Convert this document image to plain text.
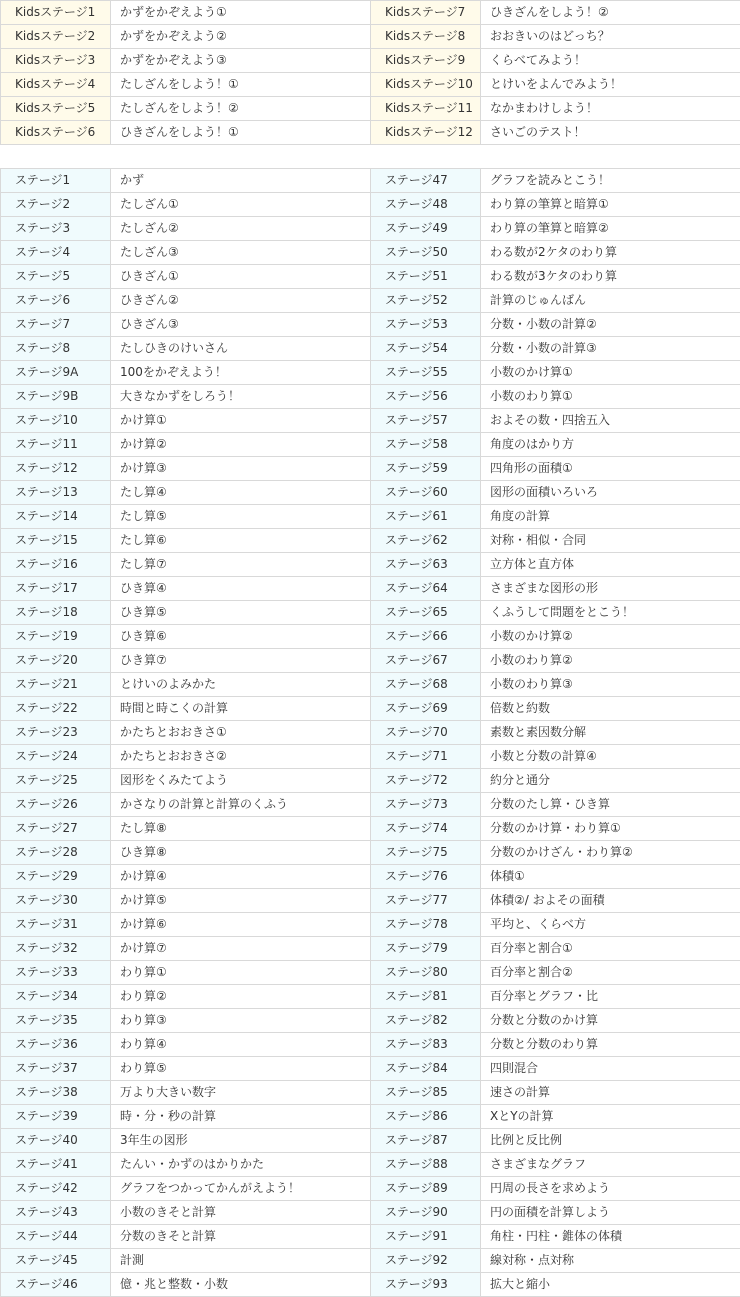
Kidsステージ1	かずをかぞえよう①	Kidsステージ7	ひきざんをしよう！②
Kidsステージ2	かずをかぞえよう②	Kidsステージ8	おおきいのはどっち？
Kidsステージ3	かずをかぞえよう③	Kidsステージ9	くらべてみよう！
Kidsステージ4	たしざんをしよう！①	Kidsステージ10	とけいをよんでみよう！
Kidsステージ5	たしざんをしよう！②	Kidsステージ11	なかまわけしよう！
Kidsステージ6	ひきざんをしよう！①	Kidsステージ12	さいごのテスト！
ステージ1	かず	ステージ47	グラフを読みとこう！
ステージ2	たしざん①	ステージ48	わり算の筆算と暗算①
ステージ3	たしざん②	ステージ49	わり算の筆算と暗算②
ステージ4	たしざん③	ステージ50	わる数が2ケタのわり算
ステージ5	ひきざん①	ステージ51	わる数が3ケタのわり算
ステージ6	ひきざん②	ステージ52	計算のじゅんばん
ステージ7	ひきざん③	ステージ53	分数・小数の計算②
ステージ8	たしひきのけいさん	ステージ54	分数・小数の計算③
ステージ9A	100をかぞえよう！	ステージ55	小数のかけ算①
ステージ9B	大きなかずをしろう！	ステージ56	小数のわり算①
ステージ10	かけ算①	ステージ57	およその数・四捨五入
ステージ11	かけ算②	ステージ58	角度のはかり方
ステージ12	かけ算③	ステージ59	四角形の面積①
ステージ13	たし算④	ステージ60	図形の面積いろいろ
ステージ14	たし算⑤	ステージ61	角度の計算
ステージ15	たし算⑥	ステージ62	対称・相似・合同
ステージ16	たし算⑦	ステージ63	立方体と直方体
ステージ17	ひき算④	ステージ64	さまざまな図形の形
ステージ18	ひき算⑤	ステージ65	くふうして問題をとこう！
ステージ19	ひき算⑥	ステージ66	小数のかけ算②
ステージ20	ひき算⑦	ステージ67	小数のわり算②
ステージ21	とけいのよみかた	ステージ68	小数のわり算③
ステージ22	時間と時こくの計算	ステージ69	倍数と約数
ステージ23	かたちとおおきさ①	ステージ70	素数と素因数分解
ステージ24	かたちとおおきさ②	ステージ71	小数と分数の計算④
ステージ25	図形をくみたてよう	ステージ72	約分と通分
ステージ26	かさなりの計算と計算のくふう	ステージ73	分数のたし算・ひき算
ステージ27	たし算⑧	ステージ74	分数のかけ算・わり算①
ステージ28	ひき算⑧	ステージ75	分数のかけざん・わり算②
ステージ29	かけ算④	ステージ76	体積①
ステージ30	かけ算⑤	ステージ77	体積②/ およその面積
ステージ31	かけ算⑥	ステージ78	平均と、くらべ方
ステージ32	かけ算⑦	ステージ79	百分率と割合①
ステージ33	わり算①	ステージ80	百分率と割合②
ステージ34	わり算②	ステージ81	百分率とグラフ・比
ステージ35	わり算③	ステージ82	分数と分数のかけ算
ステージ36	わり算④	ステージ83	分数と分数のわり算
ステージ37	わり算⑤	ステージ84	四則混合
ステージ38	万より大きい数字	ステージ85	速さの計算
ステージ39	時・分・秒の計算	ステージ86	XとYの計算
ステージ40	3年生の図形	ステージ87	比例と反比例
ステージ41	たんい・かずのはかりかた	ステージ88	さまざまなグラフ
ステージ42	グラフをつかってかんがえよう！	ステージ89	円周の長さを求めよう
ステージ43	小数のきそと計算	ステージ90	円の面積を計算しよう
ステージ44	分数のきそと計算	ステージ91	角柱・円柱・錐体の体積
ステージ45	計測	ステージ92	線対称・点対称
ステージ46	億・兆と整数・小数	ステージ93	拡大と縮小
